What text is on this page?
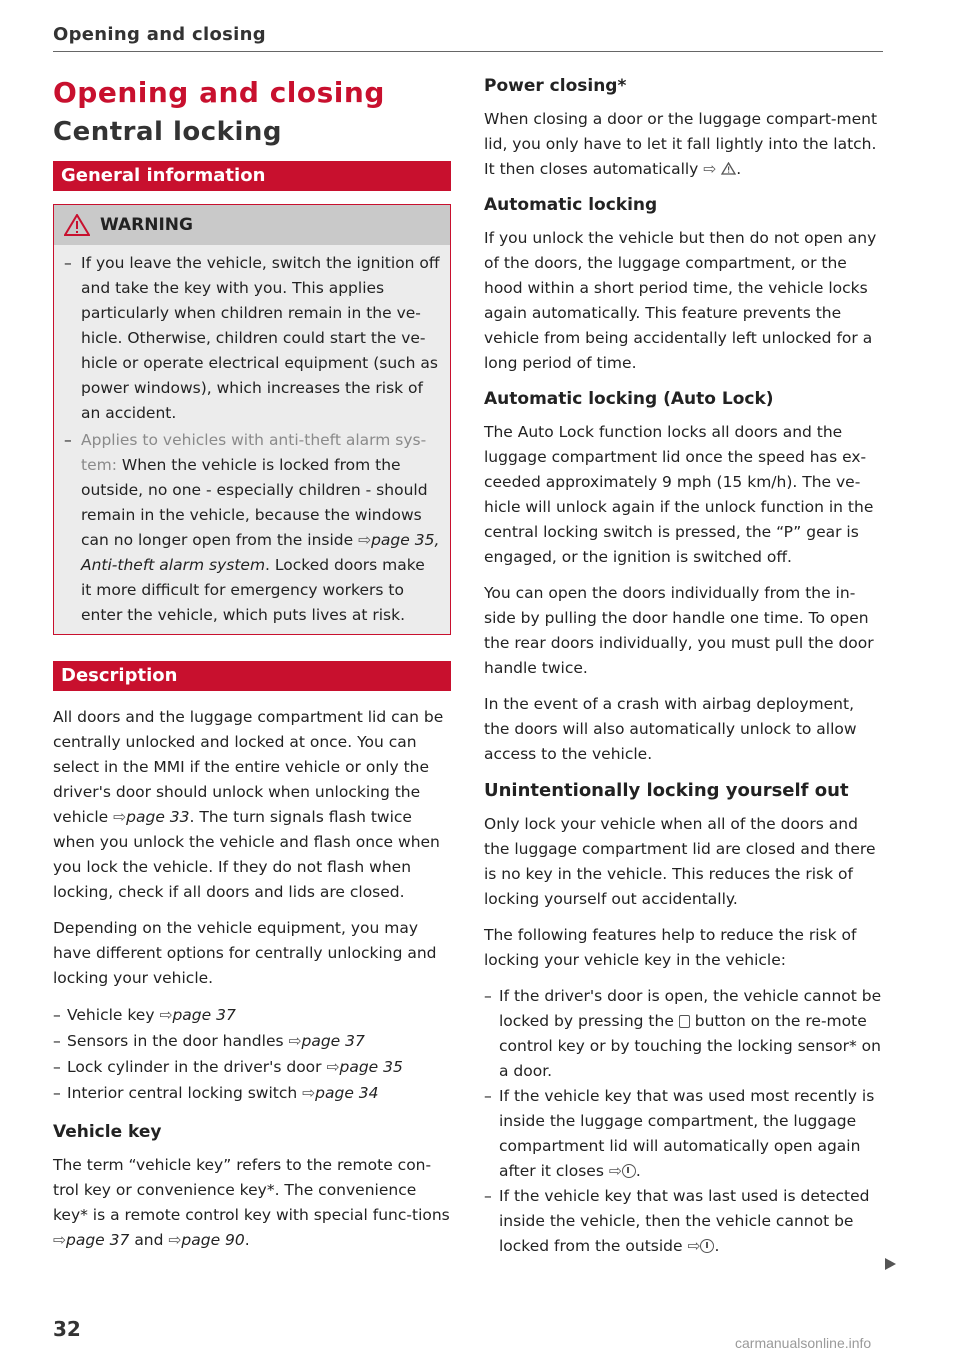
Opening and closing
Opening and closing
Central locking
General information
WARNING
– If you leave the vehicle, switch the ignition off and take the key with you. This applies particularly when children remain in the ve-hicle. Otherwise, children could start the ve-hicle or operate electrical equipment (such as power windows), which increases the risk of an accident.
– Applies to vehicles with anti-theft alarm sys-tem: When the vehicle is locked from the outside, no one - especially children - should remain in the vehicle, because the windows can no longer open from the inside ⇨page 35, Anti-theft alarm system. Locked doors make it more difficult for emergency workers to enter the vehicle, which puts lives at risk.
Description

All doors and the luggage compartment lid can be centrally unlocked and locked at once. You can select in the MMI if the entire vehicle or only the driver's door should unlock when unlocking the vehicle ⇨page 33. The turn signals flash twice when you unlock the vehicle and flash once when you lock the vehicle. If they do not flash when locking, check if all doors and lids are closed.

Depending on the vehicle equipment, you may have different options for centrally unlocking and locking your vehicle.

– Vehicle key ⇨page 37
– Sensors in the door handles ⇨page 37
– Lock cylinder in the driver's door ⇨page 35
– Interior central locking switch ⇨page 34
Vehicle key

The term “vehicle key” refers to the remote con-trol key or convenience key*. The convenience key* is a remote control key with special func-tions ⇨page 37 and ⇨page 90.

Power closing*

When closing a door or the luggage compart-ment lid, you only have to let it fall lightly into the latch. It then closes automatically ⇨ .

Automatic locking

If you unlock the vehicle but then do not open any of the doors, the luggage compartment, or the hood within a short period time, the vehicle locks again automatically. This feature prevents the vehicle from being accidentally left unlocked for a long period of time.

Automatic locking (Auto Lock)

The Auto Lock function locks all doors and the luggage compartment lid once the speed has ex-ceeded approximately 9 mph (15 km/h). The ve-hicle will unlock again if the unlock function in the central locking switch is pressed, the “P” gear is engaged, or the ignition is switched off.

You can open the doors individually from the in-side by pulling the door handle one time. To open the rear doors individually, you must pull the door handle twice.

In the event of a crash with airbag deployment, the doors will also automatically unlock to allow access to the vehicle.

Unintentionally locking yourself out

Only lock your vehicle when all of the doors and the luggage compartment lid are closed and there is no key in the vehicle. This reduces the risk of locking yourself out accidentally.

The following features help to reduce the risk of locking your vehicle key in the vehicle:

– If the driver's door is open, the vehicle cannot be locked by pressing the button on the re-mote control key or by touching the locking sensor* on a door.
– If the vehicle key that was used most recently is inside the luggage compartment, the luggage compartment lid will automatically open again after it closes ⇨ .
– If the vehicle key that was last used is detected inside the vehicle, then the vehicle cannot be locked from the outside ⇨ .
32
carmanualsonline.info
